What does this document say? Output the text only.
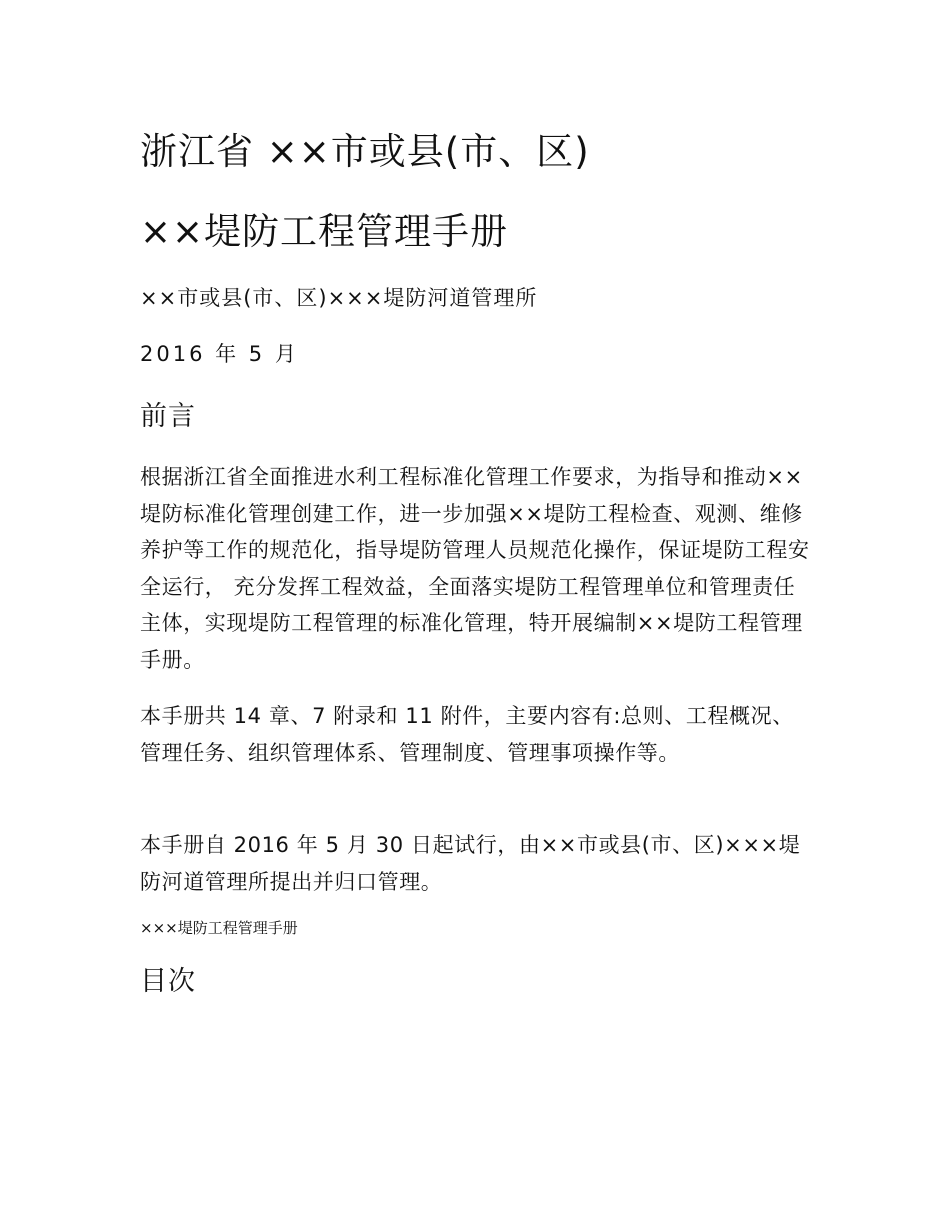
浙江省 ××市或县(市、区)
××堤防工程管理手册

××市或县(市、区)×××堤防河道管理所

2016 年 5 月

前言

根据浙江省全面推进水利工程标准化管理工作要求，为指导和推动×× 堤防标准化管理创建工作，进一步加强××堤防工程检查、观测、维修养护等工作的规范化，指导堤防管理人员规范化操作，保证堤防工程安全运行， 充分发挥工程效益，全面落实堤防工程管理单位和管理责任主体，实现堤防工程管理的标准化管理，特开展编制××堤防工程管理手册。

本手册共 14 章、7 附录和 11 附件，主要内容有:总则、工程概况、管理任务、组织管理体系、管理制度、管理事项操作等。

本手册自 2016 年 5 月 30 日起试行，由××市或县(市、区)×××堤防河道管理所提出并归口管理。

×××堤防工程管理手册

目次
